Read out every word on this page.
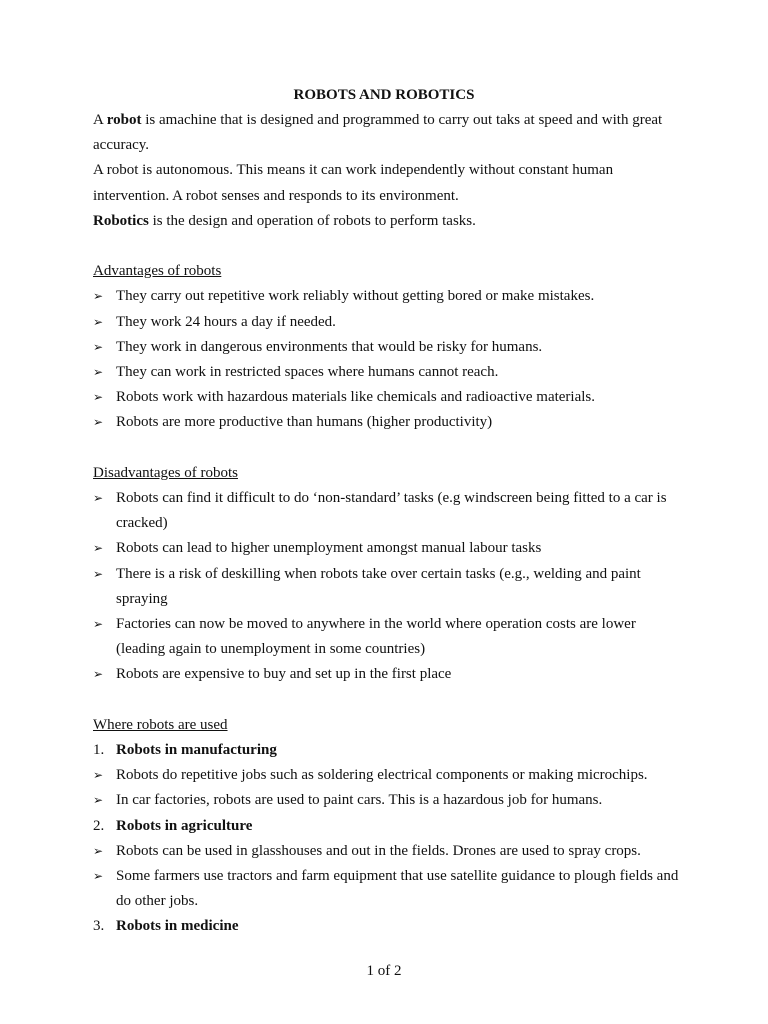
ROBOTS AND ROBOTICS

A robot is amachine that is designed and programmed to carry out taks at speed and with great accuracy.

A robot is autonomous. This means it can work independently without constant human intervention. A robot senses and responds to its environment.

Robotics is the design and operation of robots to perform tasks.

Advantages of robots

➢ They carry out repetitive work reliably without getting bored or make mistakes.
➢ They work 24 hours a day if needed.
➢ They work in dangerous environments that would be risky for humans.
➢ They can work in restricted spaces where humans cannot reach.
➢ Robots work with hazardous materials like chemicals and radioactive materials.
➢ Robots are more productive than humans (higher productivity)

Disadvantages of robots

➢ Robots can find it difficult to do ‘non-standard’ tasks (e.g windscreen being fitted to a car is cracked)
➢ Robots can lead to higher unemployment amongst manual labour tasks
➢ There is a risk of deskilling when robots take over certain tasks (e.g., welding and paint spraying
➢ Factories can now be moved to anywhere in the world where operation costs are lower (leading again to unemployment in some countries)
➢ Robots are expensive to buy and set up in the first place

Where robots are used

1. Robots in manufacturing
➢ Robots do repetitive jobs such as soldering electrical components or making microchips.
➢ In car factories, robots are used to paint cars. This is a hazardous job for humans.
2. Robots in agriculture
➢ Robots can be used in glasshouses and out in the fields. Drones are used to spray crops.
➢ Some farmers use tractors and farm equipment that use satellite guidance to plough fields and do other jobs.
3. Robots in medicine
1 of 2
